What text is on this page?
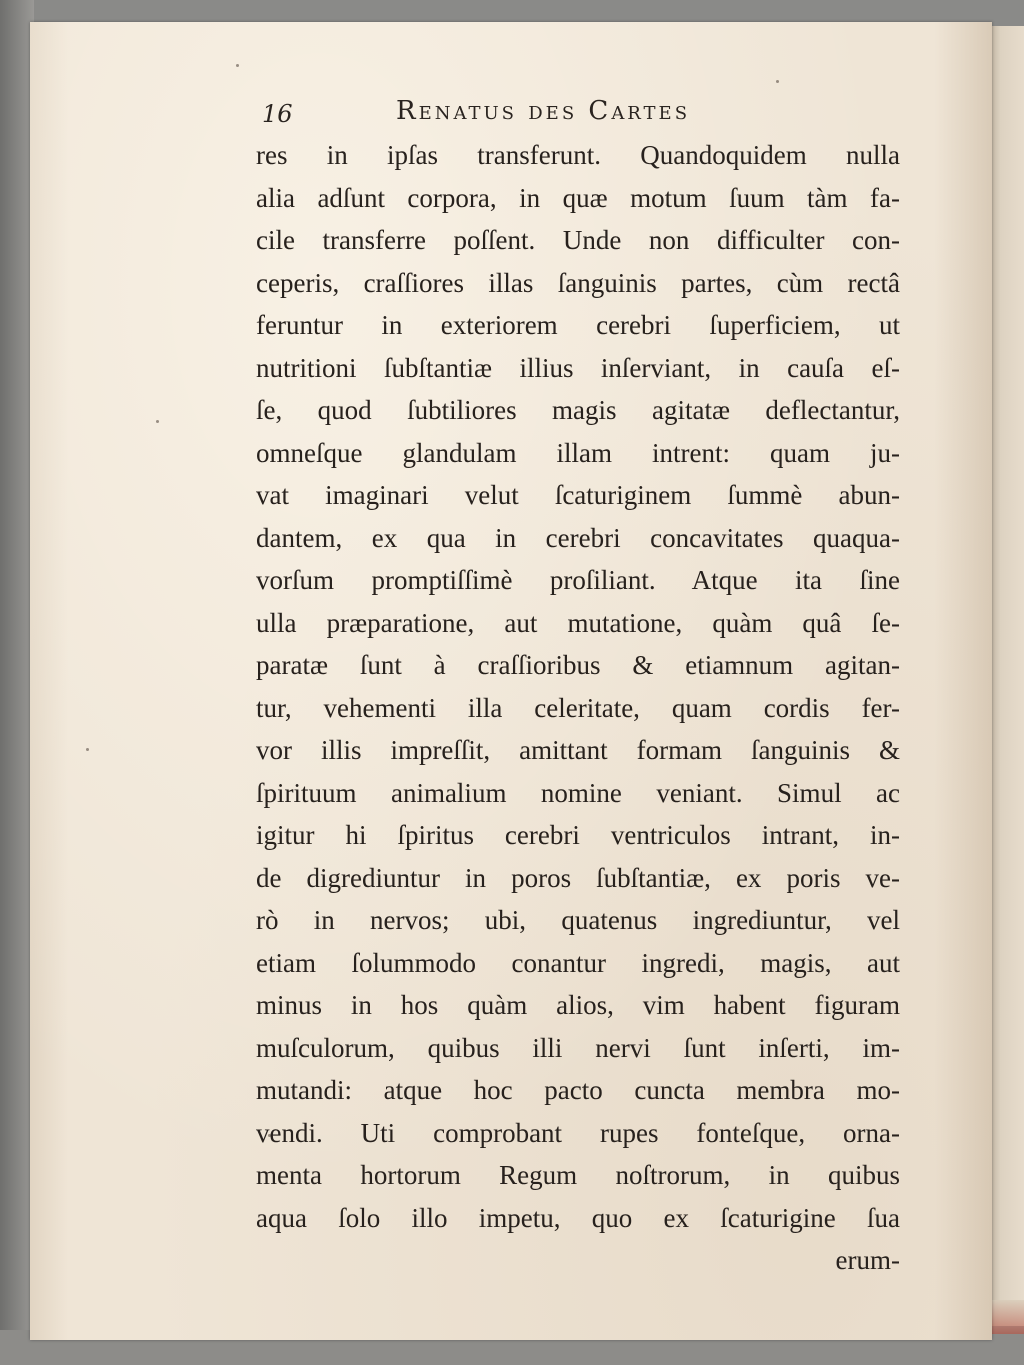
16	Renatus des Cartes
res in ipſas transferunt. Quandoquidem nulla
alia adſunt corpora, in quæ motum ſuum tàm fa-
cile transferre poſſent. Unde non difficulter con-
ceperis, craſſiores illas ſanguinis partes, cùm rectâ
feruntur in exteriorem cerebri ſuperficiem, ut
nutritioni ſubſtantiæ illius inſerviant, in cauſa eſ-
ſe, quod ſubtiliores magis agitatæ deflectantur,
omneſque glandulam illam intrent: quam ju-
vat imaginari velut ſcaturiginem ſummè abun-
dantem, ex qua in cerebri concavitates quaqua-
vorſum promptiſſimè proſiliant. Atque ita ſine
ulla præparatione, aut mutatione, quàm quâ ſe-
paratæ ſunt à craſſioribus & etiamnum agitan-
tur, vehementi illa celeritate, quam cordis fer-
vor illis impreſſit, amittant formam ſanguinis &
ſpirituum animalium nomine veniant. Simul ac
igitur hi ſpiritus cerebri ventriculos intrant, in-
de digrediuntur in poros ſubſtantiæ, ex poris ve-
rò in nervos; ubi, quatenus ingrediuntur, vel
etiam ſolummodo conantur ingredi, magis, aut
minus in hos quàm alios, vim habent figuram
muſculorum, quibus illi nervi ſunt inſerti, im-
mutandi: atque hoc pacto cuncta membra mo-
vendi. Uti comprobant rupes fonteſque, orna-
menta hortorum Regum noſtrorum, in quibus
aqua ſolo illo impetu, quo ex ſcaturigine ſua
erum-
